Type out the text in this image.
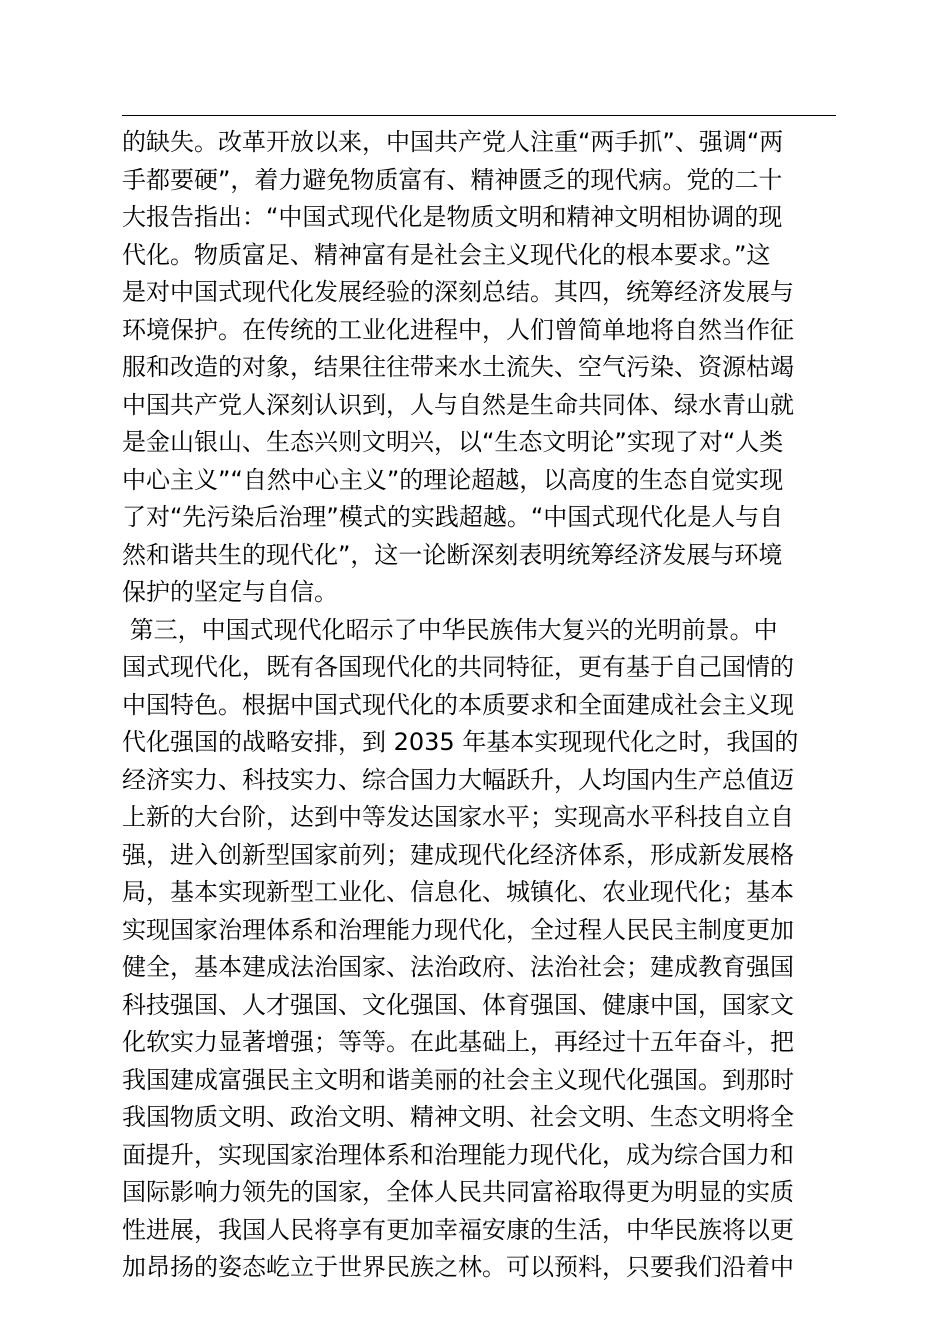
的缺失。改革开放以来，中国共产党人注重“两手抓”、强调“两
手都要硬”，着力避免物质富有、精神匮乏的现代病。党的二十
大报告指出：“中国式现代化是物质文明和精神文明相协调的现
代化。物质富足、精神富有是社会主义现代化的根本要求。”这
是对中国式现代化发展经验的深刻总结。其四，统筹经济发展与
环境保护。在传统的工业化进程中，人们曾简单地将自然当作征
服和改造的对象，结果往往带来水土流失、空气污染、资源枯竭
中国共产党人深刻认识到，人与自然是生命共同体、绿水青山就
是金山银山、生态兴则文明兴，以“生态文明论”实现了对“人类
中心主义”“自然中心主义”的理论超越，以高度的生态自觉实现
了对“先污染后治理”模式的实践超越。“中国式现代化是人与自
然和谐共生的现代化”，这一论断深刻表明统筹经济发展与环境
保护的坚定与自信。
第三，中国式现代化昭示了中华民族伟大复兴的光明前景。中
国式现代化，既有各国现代化的共同特征，更有基于自己国情的
中国特色。根据中国式现代化的本质要求和全面建成社会主义现
代化强国的战略安排，到 2035 年基本实现现代化之时，我国的
经济实力、科技实力、综合国力大幅跃升，人均国内生产总值迈
上新的大台阶，达到中等发达国家水平；实现高水平科技自立自
强，进入创新型国家前列；建成现代化经济体系，形成新发展格
局，基本实现新型工业化、信息化、城镇化、农业现代化；基本
实现国家治理体系和治理能力现代化，全过程人民民主制度更加
健全，基本建成法治国家、法治政府、法治社会；建成教育强国
科技强国、人才强国、文化强国、体育强国、健康中国，国家文
化软实力显著增强；等等。在此基础上，再经过十五年奋斗，把
我国建成富强民主文明和谐美丽的社会主义现代化强国。到那时
我国物质文明、政治文明、精神文明、社会文明、生态文明将全
面提升，实现国家治理体系和治理能力现代化，成为综合国力和
国际影响力领先的国家，全体人民共同富裕取得更为明显的实质
性进展，我国人民将享有更加幸福安康的生活，中华民族将以更
加昂扬的姿态屹立于世界民族之林。可以预料，只要我们沿着中
